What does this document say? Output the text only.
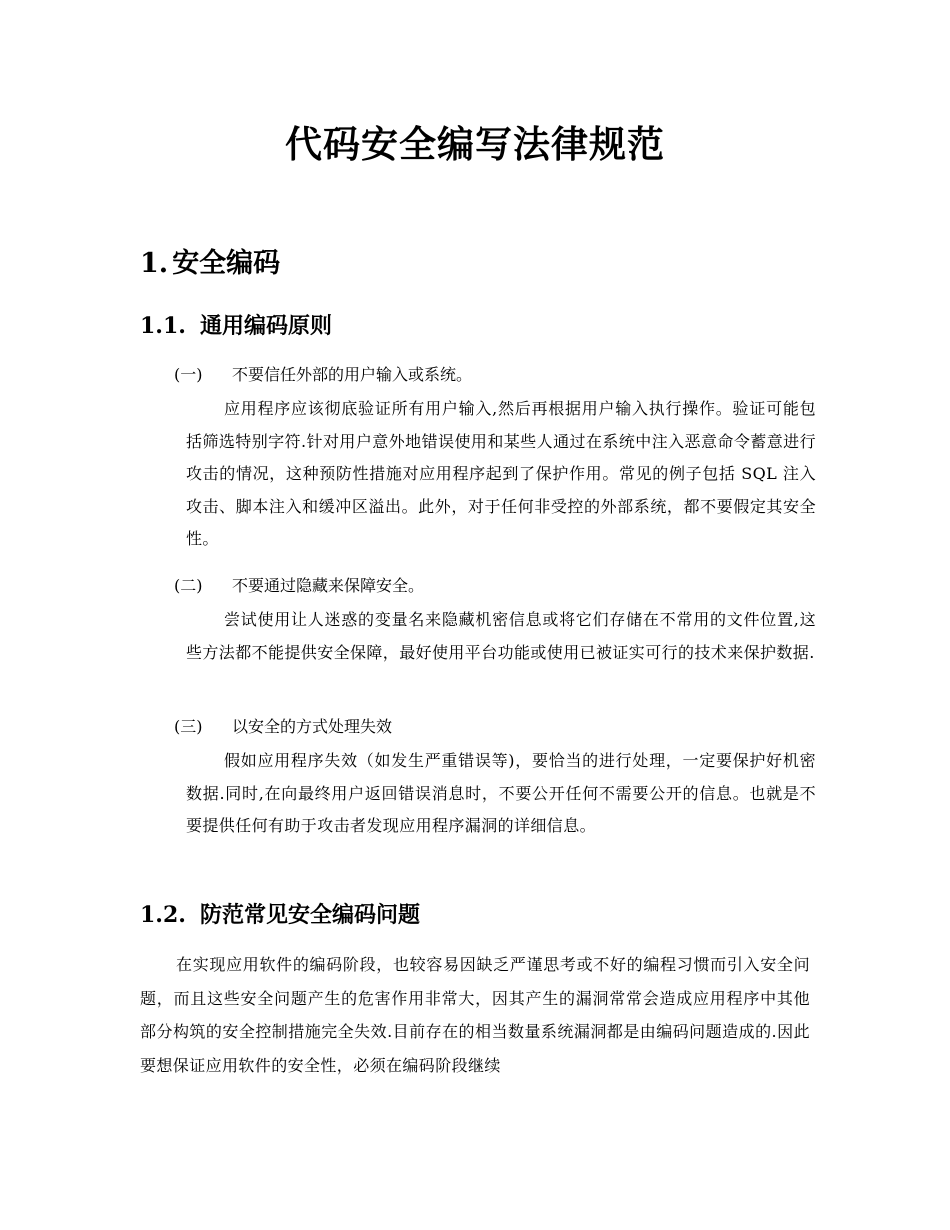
代码安全编写法律规范
1. 安全编码
1.1. 通用编码原则
(一) 不要信任外部的用户输入或系统。
应用程序应该彻底验证所有用户输入,然后再根据用户输入执行操作。验证可能包括筛选特别字符.针对用户意外地错误使用和某些人通过在系统中注入恶意命令蓄意进行攻击的情况，这种预防性措施对应用程序起到了保护作用。常见的例子包括 SQL 注入攻击、脚本注入和缓冲区溢出。此外，对于任何非受控的外部系统，都不要假定其安全性。
(二) 不要通过隐藏来保障安全。
尝试使用让人迷惑的变量名来隐藏机密信息或将它们存储在不常用的文件位置,这些方法都不能提供安全保障，最好使用平台功能或使用已被证实可行的技术来保护数据.
(三) 以安全的方式处理失效
假如应用程序失效（如发生严重错误等)，要恰当的进行处理，一定要保护好机密数据.同时,在向最终用户返回错误消息时，不要公开任何不需要公开的信息。也就是不要提供任何有助于攻击者发现应用程序漏洞的详细信息。
1.2. 防范常见安全编码问题
在实现应用软件的编码阶段，也较容易因缺乏严谨思考或不好的编程习惯而引入安全问题，而且这些安全问题产生的危害作用非常大，因其产生的漏洞常常会造成应用程序中其他部分构筑的安全控制措施完全失效.目前存在的相当数量系统漏洞都是由编码问题造成的.因此要想保证应用软件的安全性，必须在编码阶段继续
